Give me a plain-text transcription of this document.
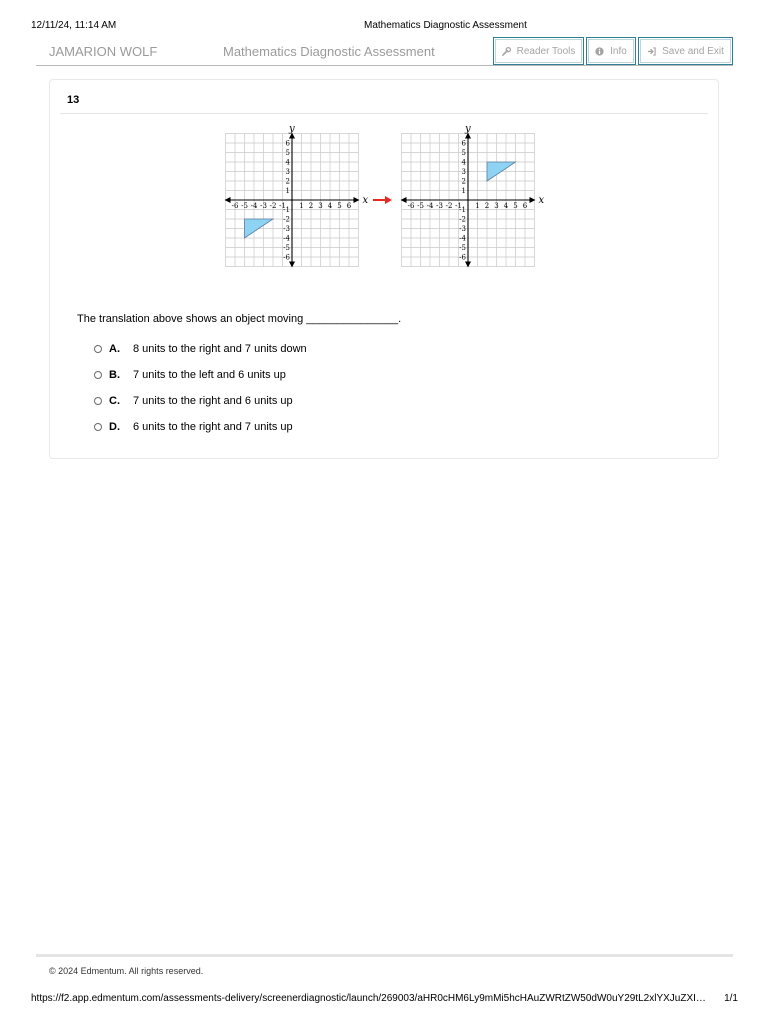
12/11/24, 11:14 AM	Mathematics Diagnostic Assessment
JAMARION WOLF	Mathematics Diagnostic Assessment	Reader Tools	Info	Save and Exit
13
x
y
-6 -5 -4 -3 -2 -1 1 2 3 4 5 6
6
5
4
3
2
1
-1
-2
-3
-4
-5
-6
x
y
-6 -5 -4 -3 -2 -1 1 2 3 4 5 6
6
5
4
3
2
1
-1
-2
-3
-4
-5
-6
The translation above shows an object moving _______________.
A.	8 units to the right and 7 units down
B.	7 units to the left and 6 units up
C.	7 units to the right and 6 units up
D.	6 units to the right and 7 units up
© 2024 Edmentum. All rights reserved.
https://f2.app.edmentum.com/assessments-delivery/screenerdiagnostic/launch/269003/aHR0cHM6Ly9mMi5hcHAuZWRtZW50dW0uY29tL2xlYXJuZXI…	1/1
